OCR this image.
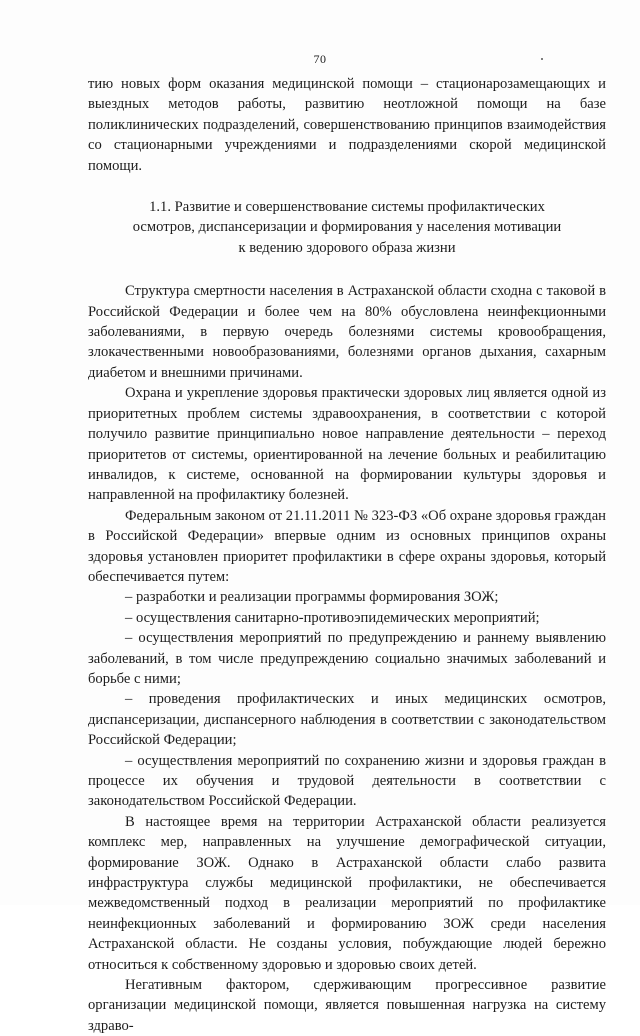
70

тию новых форм оказания медицинской помощи – стационарозамещающих и выездных методов работы, развитию неотложной помощи на базе поликлинических подразделений, совершенствованию принципов взаимодействия со стационарными учреждениями и подразделениями скорой медицинской помощи.

1.1. Развитие и совершенствование системы профилактических осмотров, диспансеризации и формирования у населения мотивации к ведению здорового образа жизни

Структура смертности населения в Астраханской области сходна с таковой в Российской Федерации и более чем на 80% обусловлена неинфекционными заболеваниями, в первую очередь болезнями системы кровообращения, злокачественными новообразованиями, болезнями органов дыхания, сахарным диабетом и внешними причинами.

Охрана и укрепление здоровья практически здоровых лиц является одной из приоритетных проблем системы здравоохранения, в соответствии с которой получило развитие принципиально новое направление деятельности – переход приоритетов от системы, ориентированной на лечение больных и реабилитацию инвалидов, к системе, основанной на формировании культуры здоровья и направленной на профилактику болезней.

Федеральным законом от 21.11.2011 № 323-ФЗ «Об охране здоровья граждан в Российской Федерации» впервые одним из основных принципов охраны здоровья установлен приоритет профилактики в сфере охраны здоровья, который обеспечивается путем:

– разработки и реализации программы формирования ЗОЖ;

– осуществления санитарно-противоэпидемических мероприятий;

– осуществления мероприятий по предупреждению и раннему выявлению заболеваний, в том числе предупреждению социально значимых заболеваний и борьбе с ними;

– проведения профилактических и иных медицинских осмотров, диспансеризации, диспансерного наблюдения в соответствии с законодательством Российской Федерации;

– осуществления мероприятий по сохранению жизни и здоровья граждан в процессе их обучения и трудовой деятельности в соответствии с законодательством Российской Федерации.

В настоящее время на территории Астраханской области реализуется комплекс мер, направленных на улучшение демографической ситуации, формирование ЗОЖ. Однако в Астраханской области слабо развита инфраструктура службы медицинской профилактики, не обеспечивается межведомственный подход в реализации мероприятий по профилактике неинфекционных заболеваний и формированию ЗОЖ среди населения Астраханской области. Не созданы условия, побуждающие людей бережно относиться к собственному здоровью и здоровью своих детей.

Негативным фактором, сдерживающим прогрессивное развитие организации медицинской помощи, является повышенная нагрузка на систему здраво-
